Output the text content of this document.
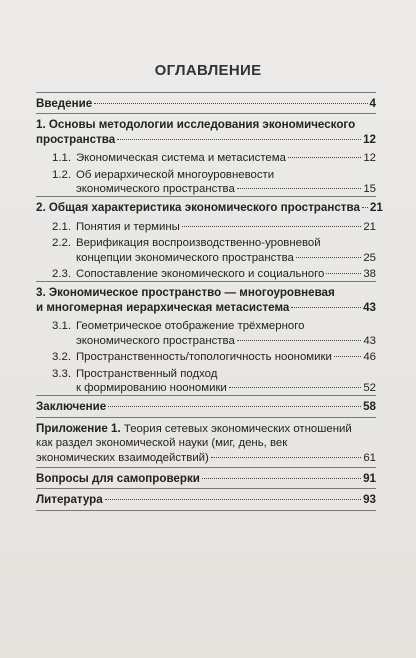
ОГЛАВЛЕНИЕ
Введение	4
1. Основы методологии исследования экономического
пространства	12
1.1. Экономическая система и метасистема	12
1.2. Об иерархической многоуровневости
экономического пространства	15
2. Общая характеристика экономического пространства 21
2.1. Понятия и термины	21
2.2. Верификация воспроизводственно-уровневой
концепции экономического пространства	25
2.3. Сопоставление экономического и социального	38
3. Экономическое пространство — многоуровневая
и многомерная иерархическая метасистема	43
3.1. Геометрическое отображение трёхмерного
экономического пространства	43
3.2. Пространственность/топологичность ноономики	46
3.3. Пространственный подход
к формированию ноономики	52
Заключение	58
Приложение 1. Теория сетевых экономических отношений
как раздел экономической науки (миг, день, век
экономических взаимодействий)	61
Вопросы для самопроверки	91
Литература	93
